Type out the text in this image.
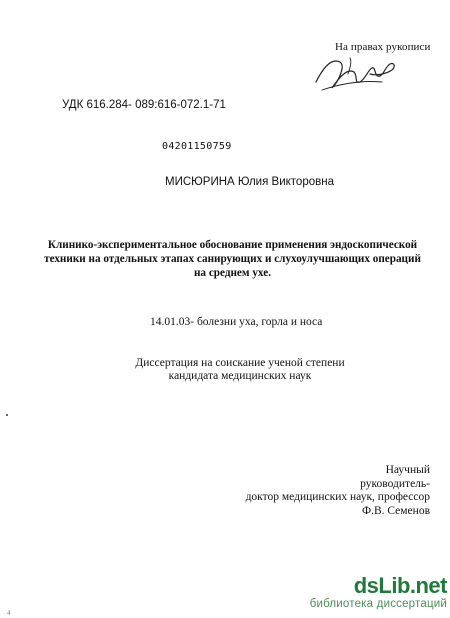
На правах рукописи
УДК 616.284- 089:616-072.1-71
04201150759
МИСЮРИНА Юлия Викторовна
Клинико-экспериментальное обоснование применения эндоскопической
техники на отдельных этапах санирующих и слухоулучшающих операций
на среднем ухе.
14.01.03- болезни уха, горла и носа
Диссертация на соискание ученой степени
кандидата медицинских наук
Научный
руководитель-
доктор медицинских наук, профессор
Ф.В. Семенов
4
dsLib.net
библиотека диссертаций
